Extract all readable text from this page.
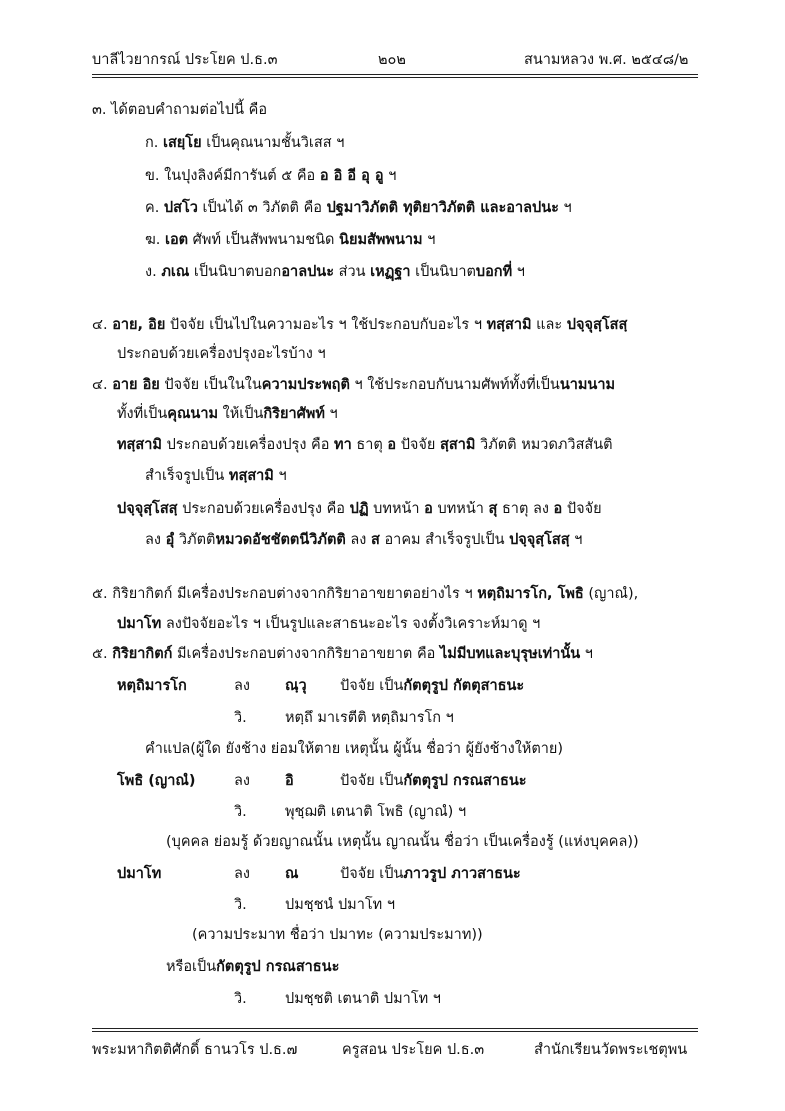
บาลีไวยากรณ์ ประโยค ป.ธ.๓	๒๐๒	สนามหลวง พ.ศ. ๒๕๔๘/๒
๓. ได้ตอบคำถามต่อไปนี้ คือ
ก. เสยฺโย เป็นคุณนามชั้นวิเสส ฯ
ข. ในปุงลิงค์มีการันต์ ๕ คือ อ อิ อี อุ อู ฯ
ค. ปสโว เป็นได้ ๓ วิภัตติ คือ ปฐมาวิภัตติ ทุติยาวิภัตติ และอาลปนะ ฯ
ฆ. เอต ศัพท์ เป็นสัพพนามชนิด นิยมสัพพนาม ฯ
ง. ภเณ เป็นนิบาตบอกอาลปนะ ส่วน เหฏฺฐา เป็นนิบาตบอกที่ ฯ
๔. อาย, อิย ปัจจัย เป็นไปในความอะไร ฯ ใช้ประกอบกับอะไร ฯ ทสฺสามิ และ ปจฺจุสฺโสสฺ
ประกอบด้วยเครื่องปรุงอะไรบ้าง ฯ
๔. อาย อิย ปัจจัย เป็นในในความประพฤติ ฯ ใช้ประกอบกับนามศัพท์ทั้งที่เป็นนามนาม
ทั้งที่เป็นคุณนาม ให้เป็นกิริยาศัพท์ ฯ
ทสฺสามิ ประกอบด้วยเครื่องปรุง คือ ทา ธาตุ อ ปัจจัย สฺสามิ วิภัตติ หมวดภวิสสันติ
สำเร็จรูปเป็น ทสฺสามิ ฯ
ปจฺจุสฺโสสฺ ประกอบด้วยเครื่องปรุง คือ ปฏิ บทหน้า อ บทหน้า สุ ธาตุ ลง อ ปัจจัย
ลง อุํ วิภัตติหมวดอัชชัตตนีวิภัตติ ลง ส อาคม สำเร็จรูปเป็น ปจฺจุสฺโสสฺ ฯ
๕. กิริยากิตก์ มีเครื่องประกอบต่างจากกิริยาอาขยาตอย่างไร ฯ หตฺถิมารโก, โพธิ (ญาณํ),
ปมาโท ลงปัจจัยอะไร ฯ เป็นรูปและสาธนะอะไร จงตั้งวิเคราะห์มาดู ฯ
๕. กิริยากิตก์ มีเครื่องประกอบต่างจากกิริยาอาขยาต คือ ไม่มีบทและบุรุษเท่านั้น ฯ
หตฺถิมารโก	ลง ณฺวุ ปัจจัย เป็นกัตตุรูป กัตตุสาธนะ
วิ.	หตฺถึ มาเรตีติ หตฺถิมารโก ฯ
คำแปล(ผู้ใด ยังช้าง ย่อมให้ตาย เหตุนั้น ผู้นั้น ชื่อว่า ผู้ยังช้างให้ตาย)
โพธิ (ญาณํ)	ลง อิ	ปัจจัย เป็นกัตตุรูป กรณสาธนะ
วิ.	พุชฺฌติ เตนาติ โพธิ (ญาณํ) ฯ
(บุคคล ย่อมรู้ ด้วยญาณนั้น เหตุนั้น ญาณนั้น ชื่อว่า เป็นเครื่องรู้ (แห่งบุคคล))
ปมาโท	ลง ณ	ปัจจัย เป็นภาวรูป ภาวสาธนะ
วิ.	ปมชฺชนํ ปมาโท ฯ
(ความประมาท ชื่อว่า ปมาทะ (ความประมาท))
หรือเป็นกัตตุรูป กรณสาธนะ
วิ.	ปมชฺชติ เตนาติ ปมาโท ฯ
พระมหากิตติศักดิ์ ธานวโร ป.ธ.๗	ครูสอน ประโยค ป.ธ.๓	สำนักเรียนวัดพระเชตุพน
